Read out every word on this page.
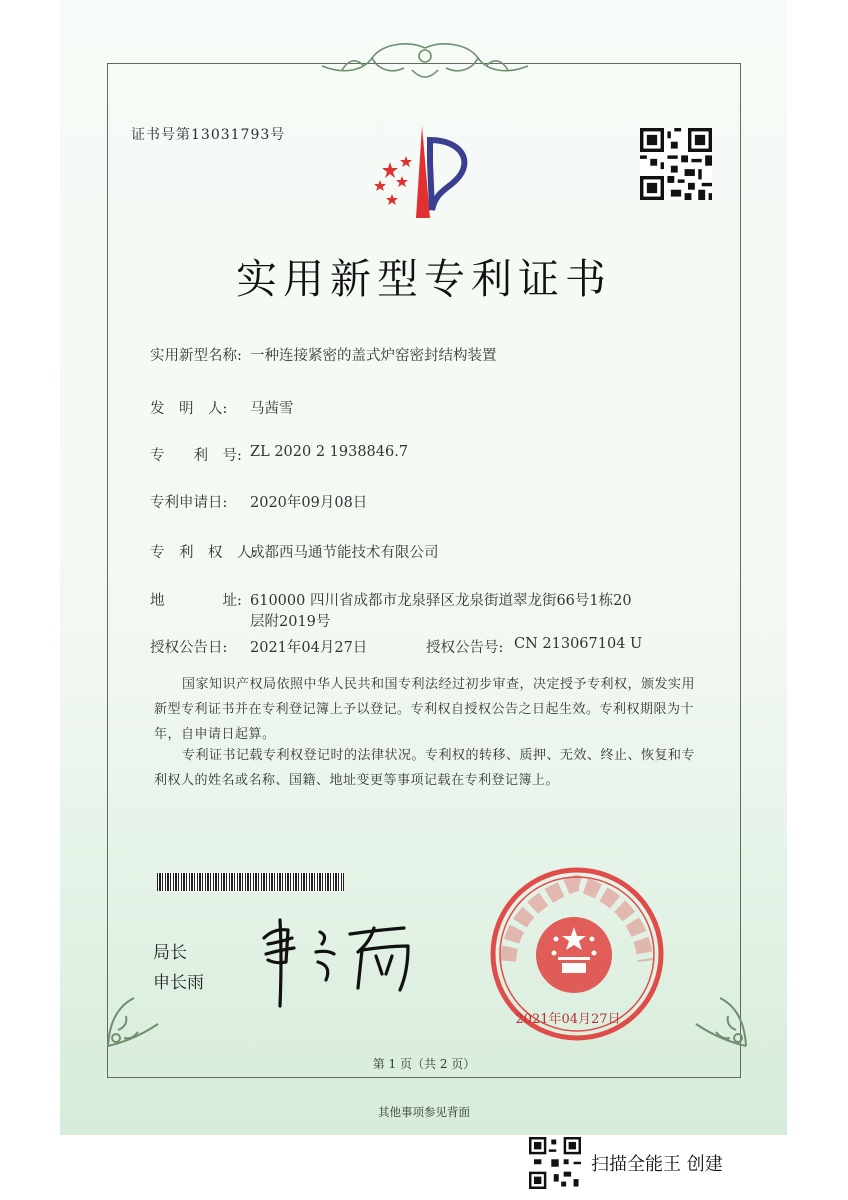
证书号第13031793号
实用新型专利证书
实用新型名称: 一种连接紧密的盖式炉窑密封结构装置
发　明　人: 马茜雪
专　　利　号: ZL 2020 2 1938846.7
专利申请日: 2020年09月08日
专　利　权　人:
成都西马通节能技术有限公司
地　　　　址: 610000 四川省成都市龙泉驿区龙泉街道翠龙街66号1栋20
层附2019号
授权公告日: 2021年04月27日	授权公告号: CN 213067104 U
国家知识产权局依照中华人民共和国专利法经过初步审查，决定授予专利权，颁发实用新型专利证书并在专利登记簿上予以登记。专利权自授权公告之日起生效。专利权期限为十年，自申请日起算。
专利证书记载专利权登记时的法律状况。专利权的转移、质押、无效、终止、恢复和专利权人的姓名或名称、国籍、地址变更等事项记载在专利登记簿上。
局长
申长雨
2021年04月27日
第 1 页（共 2 页）
其他事项参见背面
扫描全能王 创建
